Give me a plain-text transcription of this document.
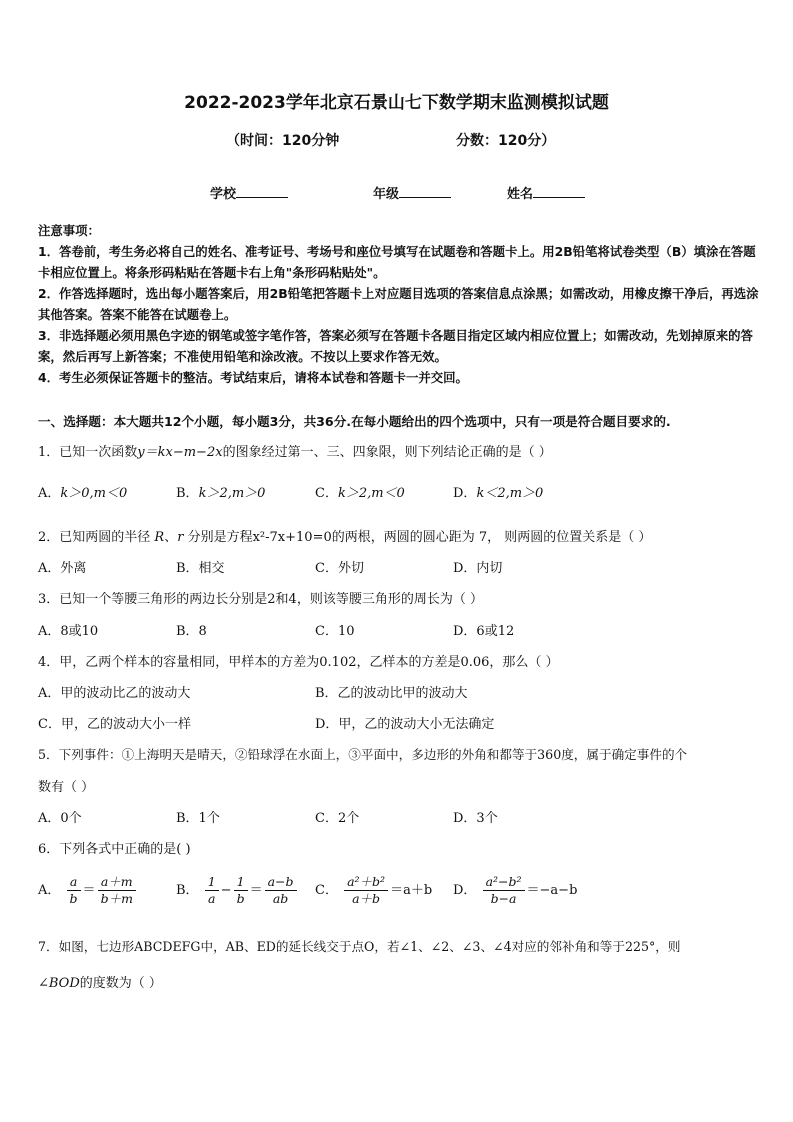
2022-2023学年北京石景山七下数学期末监测模拟试题
（时间：120分钟	分数：120分）
学校	年级	姓名

注意事项：

1．答卷前，考生务必将自己的姓名、准考证号、考场号和座位号填写在试题卷和答题卡上。用2B铅笔将试卷类型（B）填涂在答题卡相应位置上。将条形码粘贴在答题卡右上角"条形码粘贴处"。

2．作答选择题时，选出每小题答案后，用2B铅笔把答题卡上对应题目选项的答案信息点涂黑；如需改动，用橡皮擦干净后，再选涂其他答案。答案不能答在试题卷上。

3．非选择题必须用黑色字迹的钢笔或签字笔作答，答案必须写在答题卡各题目指定区域内相应位置上；如需改动，先划掉原来的答案，然后再写上新答案；不准使用铅笔和涂改液。不按以上要求作答无效。

4．考生必须保证答题卡的整洁。考试结束后，请将本试卷和答题卡一并交回。

一、选择题：本大题共12个小题，每小题3分，共36分.在每小题给出的四个选项中，只有一项是符合题目要求的.
1．已知一次函数y＝kx−m−2x的图象经过第一、三、四象限，则下列结论正确的是（ ）
A．k＞0,m＜0	B．k＞2,m＞0	C．k＞2,m＜0	D．k＜2,m＞0
2．已知两圆的半径 R、r 分别是方程x²-7x+10=0的两根，两圆的圆心距为 7， 则两圆的位置关系是（ ）
A．外离	B．相交	C．外切	D．内切
3．已知一个等腰三角形的两边长分别是2和4，则该等腰三角形的周长为（ ）
A．8或10	B．8	C．10	D．6或12
4．甲，乙两个样本的容量相同，甲样本的方差为0.102，乙样本的方差是0.06，那么（ ）
A．甲的波动比乙的波动大	B．乙的波动比甲的波动大
C．甲，乙的波动大小一样	D．甲，乙的波动大小无法确定
5．下列事件：①上海明天是晴天，②铅球浮在水面上，③平面中，多边形的外角和都等于360度，属于确定事件的个
数有（ ）
A．0个	B．1个	C．2个	D．3个
6．下列各式中正确的是( )
A． $\frac{a}{b} = \frac{a+m}{b+m}$	B． $\frac{1}{a} - \frac{1}{b} = \frac{a-b}{ab}$ C． $\frac{\text{a²＋b²}}{a+b} =a+b$ D． $\frac{\text{a²−b²}}{b-a} =-a-b$
7．如图，七边形ABCDEFG中，AB、ED的延长线交于点O，若∠1、∠2、∠3、∠4对应的邻补角和等于225°，则
∠BOD的度数为（ ）
